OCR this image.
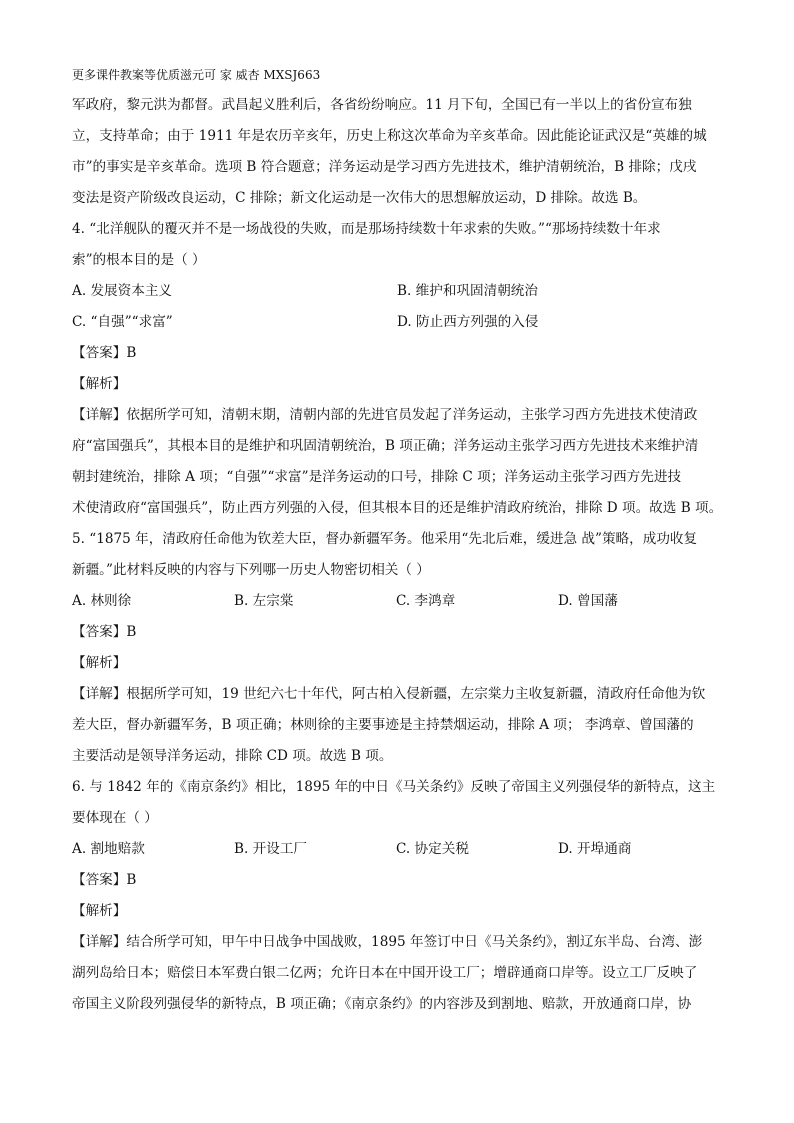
更多课件教案等优质滋元可 家 威杏 MXSJ663
军政府，黎元洪为都督。武昌起义胜利后，各省纷纷响应。11 月下旬，全国已有一半以上的省份宣布独
立，支持革命；由于 1911 年是农历辛亥年，历史上称这次革命为辛亥革命。因此能论证武汉是“英雄的城
市”的事实是辛亥革命。选项 B 符合题意；洋务运动是学习西方先进技术，维护清朝统治，B 排除；戊戌
变法是资产阶级改良运动，C 排除；新文化运动是一次伟大的思想解放运动，D 排除。故选 B。
4. “北洋舰队的覆灭并不是一场战役的失败，而是那场持续数十年求索的失败。”“那场持续数十年求
索”的根本目的是（ ）
A. 发展资本主义	B. 维护和巩固清朝统治
C. “自强”“求富”	D. 防止西方列强的入侵
【答案】B
【解析】
【详解】依据所学可知，清朝末期，清朝内部的先进官员发起了洋务运动，主张学习西方先进技术使清政
府“富国强兵”，其根本目的是维护和巩固清朝统治，B 项正确；洋务运动主张学习西方先进技术来维护清
朝封建统治，排除 A 项；“自强”“求富”是洋务运动的口号，排除 C 项；洋务运动主张学习西方先进技
术使清政府“富国强兵”，防止西方列强的入侵，但其根本目的还是维护清政府统治，排除 D 项。故选 B 项。
5. “1875 年，清政府任命他为钦差大臣，督办新疆军务。他采用“先北后难，缓进急 战”策略，成功收复
新疆。”此材料反映的内容与下列哪一历史人物密切相关（ ）
A. 林则徐	B. 左宗棠	C. 李鸿章	D. 曾国藩
【答案】B
【解析】
【详解】根据所学可知，19 世纪六七十年代，阿古柏入侵新疆，左宗棠力主收复新疆，清政府任命他为钦
差大臣，督办新疆军务，B 项正确；林则徐的主要事迹是主持禁烟运动，排除 A 项； 李鸿章、曾国藩的
主要活动是领导洋务运动，排除 CD 项。故选 B 项。
6. 与 1842 年的《南京条约》相比，1895 年的中日《马关条约》反映了帝国主义列强侵华的新特点，这主
要体现在（ ）
A. 割地赔款	B. 开设工厂	C. 协定关税	D. 开埠通商
【答案】B
【解析】
【详解】结合所学可知，甲午中日战争中国战败，1895 年签订中日《马关条约》，割辽东半岛、台湾、澎
湖列岛给日本；赔偿日本军费白银二亿两；允许日本在中国开设工厂；增辟通商口岸等。设立工厂反映了
帝国主义阶段列强侵华的新特点，B 项正确；《南京条约》的内容涉及到割地、赔款，开放通商口岸，协
